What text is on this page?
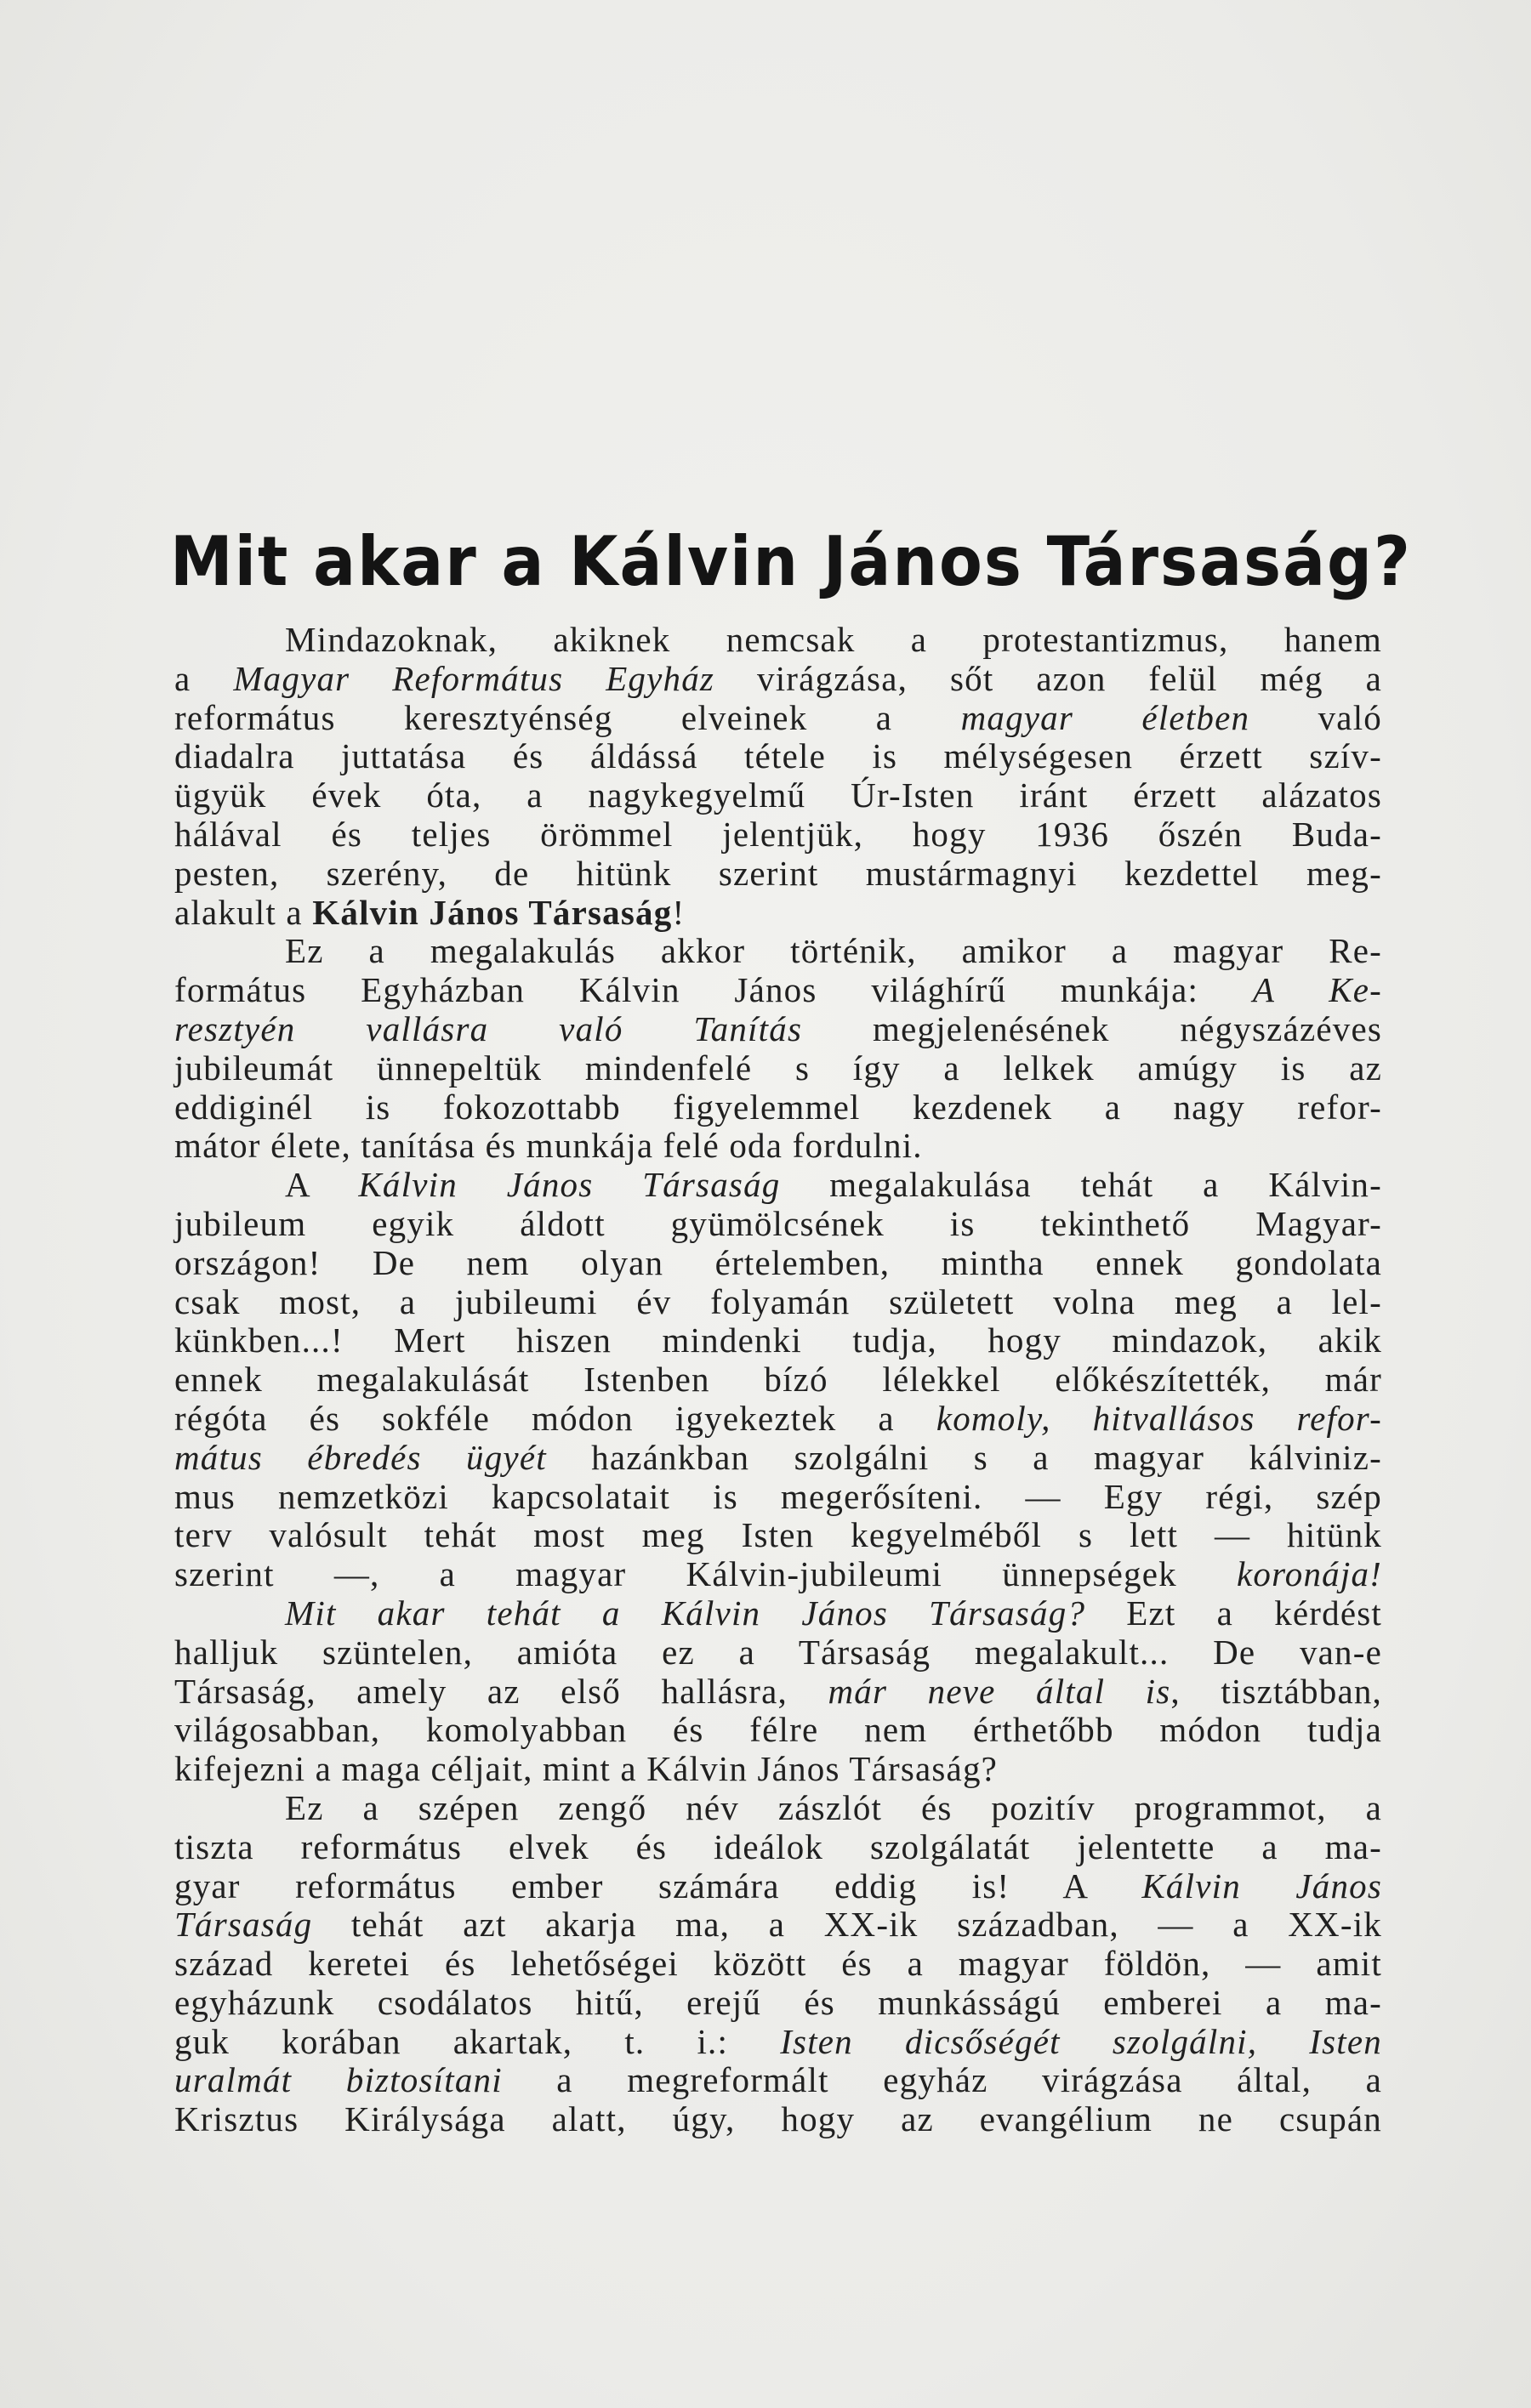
Mit akar a Kálvin János Társaság?
Mindazoknak, akiknek nemcsak a protestantizmus, hanem
a Magyar Református Egyház virágzása, sőt azon felül még a
református keresztyénség elveinek a magyar életben való
diadalra juttatása és áldássá tétele is mélységesen érzett szív-
ügyük évek óta, a nagykegyelmű Úr-Isten iránt érzett alázatos
hálával és teljes örömmel jelentjük, hogy 1936 őszén Buda-
pesten, szerény, de hitünk szerint mustármagnyi kezdettel meg-
alakult a Kálvin János Társaság!
Ez a megalakulás akkor történik, amikor a magyar Re-
formátus Egyházban Kálvin János világhírű munkája: A Ke-
resztyén vallásra való Tanítás megjelenésének négyszázéves
jubileumát ünnepeltük mindenfelé s így a lelkek amúgy is az
eddiginél is fokozottabb figyelemmel kezdenek a nagy refor-
mátor élete, tanítása és munkája felé oda fordulni.
A Kálvin János Társaság megalakulása tehát a Kálvin-
jubileum egyik áldott gyümölcsének is tekinthető Magyar-
országon! De nem olyan értelemben, mintha ennek gondolata
csak most, a jubileumi év folyamán született volna meg a lel-
künkben...! Mert hiszen mindenki tudja, hogy mindazok, akik
ennek megalakulását Istenben bízó lélekkel előkészítették, már
régóta és sokféle módon igyekeztek a komoly, hitvallásos refor-
mátus ébredés ügyét hazánkban szolgálni s a magyar kálviniz-
mus nemzetközi kapcsolatait is megerősíteni. — Egy régi, szép
terv valósult tehát most meg Isten kegyelméből s lett — hitünk
szerint —, a magyar Kálvin-jubileumi ünnepségek koronája!
Mit akar tehát a Kálvin János Társaság? Ezt a kérdést
halljuk szüntelen, amióta ez a Társaság megalakult... De van-e
Társaság, amely az első hallásra, már neve által is, tisztábban,
világosabban, komolyabban és félre nem érthetőbb módon tudja
kifejezni a maga céljait, mint a Kálvin János Társaság?
Ez a szépen zengő név zászlót és pozitív programmot, a
tiszta református elvek és ideálok szolgálatát jelentette a ma-
gyar református ember számára eddig is! A Kálvin János
Társaság tehát azt akarja ma, a XX-ik században, — a XX-ik
század keretei és lehetőségei között és a magyar földön, — amit
egyházunk csodálatos hitű, erejű és munkásságú emberei a ma-
guk korában akartak, t. i.: Isten dicsőségét szolgálni, Isten
uralmát biztosítani a megreformált egyház virágzása által, a
Krisztus Királysága alatt, úgy, hogy az evangélium ne csupán
